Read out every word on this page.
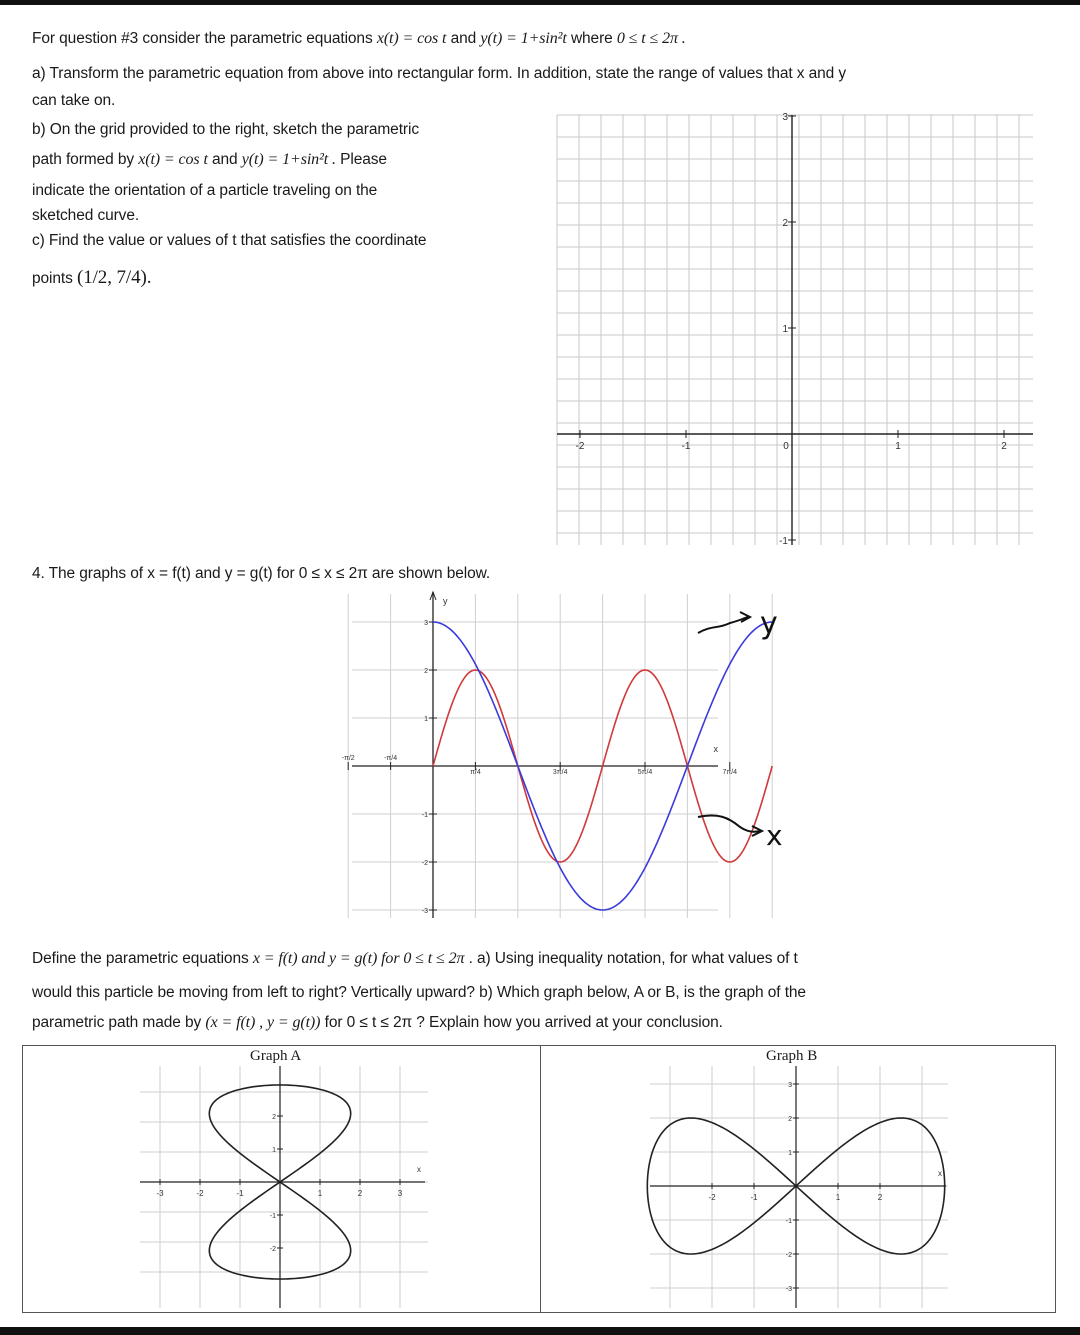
For question #3 consider the parametric equations x(t) = cos t and y(t) = 1+sin²t where 0 ≤ t ≤ 2π .
a) Transform the parametric equation from above into rectangular form. In addition, state the range of values that x and y
can take on.
b) On the grid provided to the right, sketch the parametric
path formed by x(t) = cos t and y(t) = 1+sin²t . Please
indicate the orientation of a particle traveling on the
sketched curve.
c) Find the value or values of t that satisfies the coordinate
points (1/2, 7/4).
-2	-1	0	1	2
3
2
1
-1
4. The graphs of x = f(t) and y = g(t) for 0 ≤ x ≤ 2π are shown below.
y
x
-π/2	-π/4
π/4	3π/4	5π/4	7π/4
3
2
1
-1
-2
-3
y
x
Define the parametric equations x = f(t) and y = g(t) for 0 ≤ t ≤ 2π . a) Using inequality notation, for what values of t
would this particle be moving from left to right? Vertically upward? b) Which graph below, A or B, is the graph of the
parametric path made by (x = f(t) , y = g(t)) for 0 ≤ t ≤ 2π ? Explain how you arrived at your conclusion.
Graph A	Graph B
x
-3	-2	-1	1	2	3
2
1
-1
-2
x
-2	-1	1	2
3
2
1
-1
-2
-3
